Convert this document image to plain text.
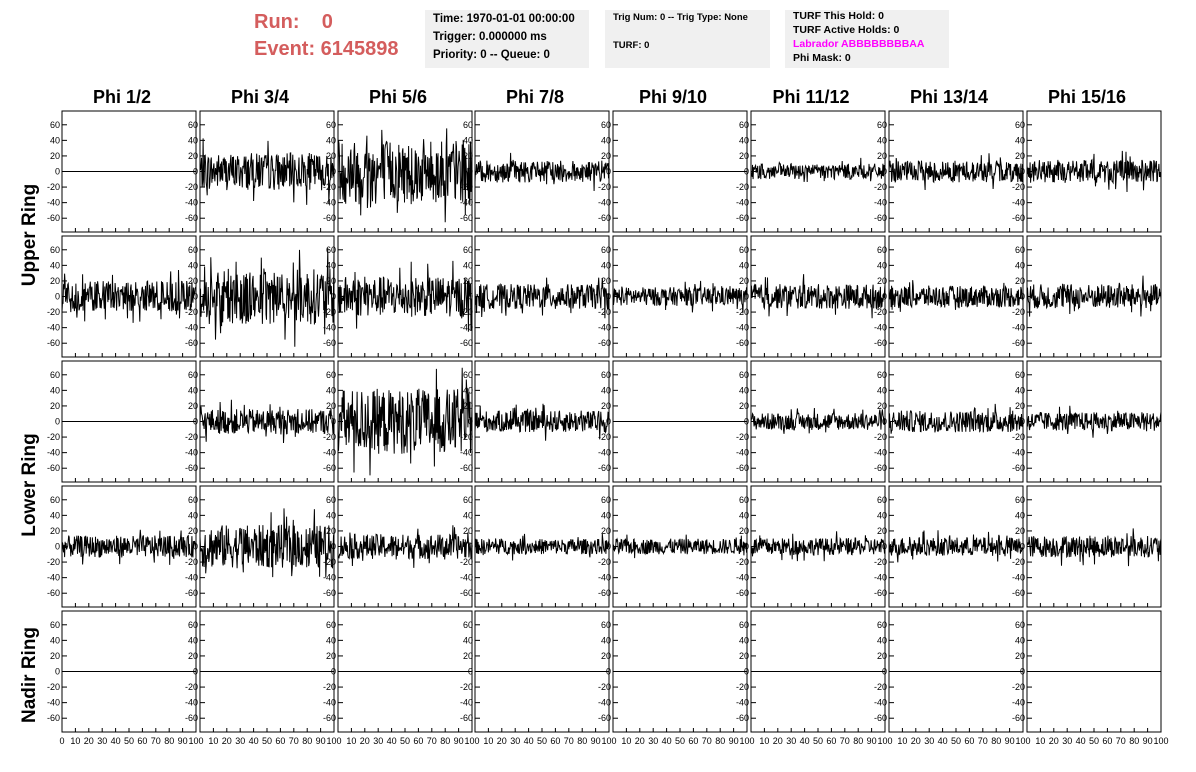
Run:    0
Event: 6145898
Time: 1970-01-01 00:00:00
Trigger: 0.000000 ms
Priority: 0 -- Queue: 0
Trig Num: 0 -- Trig Type: None
TURF: 0
TURF This Hold: 0
TURF Active Holds: 0
Labrador ABBBBBBBBAA
Phi Mask: 0
Phi 1/2	Phi 3/4	Phi 5/6	Phi 7/8	Phi 9/10	Phi 11/12	Phi 13/14	Phi 15/16
Upper Ring
Lower Ring
Nadir Ring
-60
-40
-20
0
20
40
60
-60
-40
-20
0
20
40
60
-60
-40
-20
0
20
40
60
-60
-40
-20
0
20
40
60
-60
-40
-20
0
20
40
60
-60
-40
-20
0
20
40
60
-60
-40
-20
0
20
40
60
-60
-40
-20
0
20
40
60
-60
-40
-20
0
20
40
60
-60
-40
-20
0
20
40
60
-60
-40
-20
0
20
40
60
-60
-40
-20
0
20
40
60
-60
-40
-20
0
20
40
60
-60
-40
-20
0
20
40
60
-60
-40
-20
0
20
40
60
-60
-40
-20
0
20
40
60
-60
-40
-20
0
20
40
60
-60
-40
-20
0
20
40
60
-60
-40
-20
0
20
40
60
-60
-40
-20
0
20
40
60
-60
-40
-20
0
20
40
60
-60
-40
-20
0
20
40
60
-60
-40
-20
0
20
40
60
-60
-40
-20
0
20
40
60
-60
-40
-20
0
20
40
60
-60
-40
-20
0
20
40
60
-60
-40
-20
0
20
40
60
-60
-40
-20
0
20
40
60
-60
-40
-20
0
20
40
60
-60
-40
-20
0
20
40
60
-60
-40
-20
0
20
40
60
-60
-40
-20
0
20
40
60
-60
-40
-20
0
20
40
60
0 10 20 30 40 50 60 70 80 90 100
-60
-40
-20
0
20
40
60
10 20 30 40 50 60 70 80 90 100
-60
-40
-20
0
20
40
60
10 20 30 40 50 60 70 80 90 100
-60
-40
-20
0
20
40
60
10 20 30 40 50 60 70 80 90 100
-60
-40
-20
0
20
40
60
10 20 30 40 50 60 70 80 90 100
-60
-40
-20
0
20
40
60
10 20 30 40 50 60 70 80 90 100
-60
-40
-20
0
20
40
60
10 20 30 40 50 60 70 80 90 100
-60
-40
-20
0
20
40
60
10 20 30 40 50 60 70 80 90 100
